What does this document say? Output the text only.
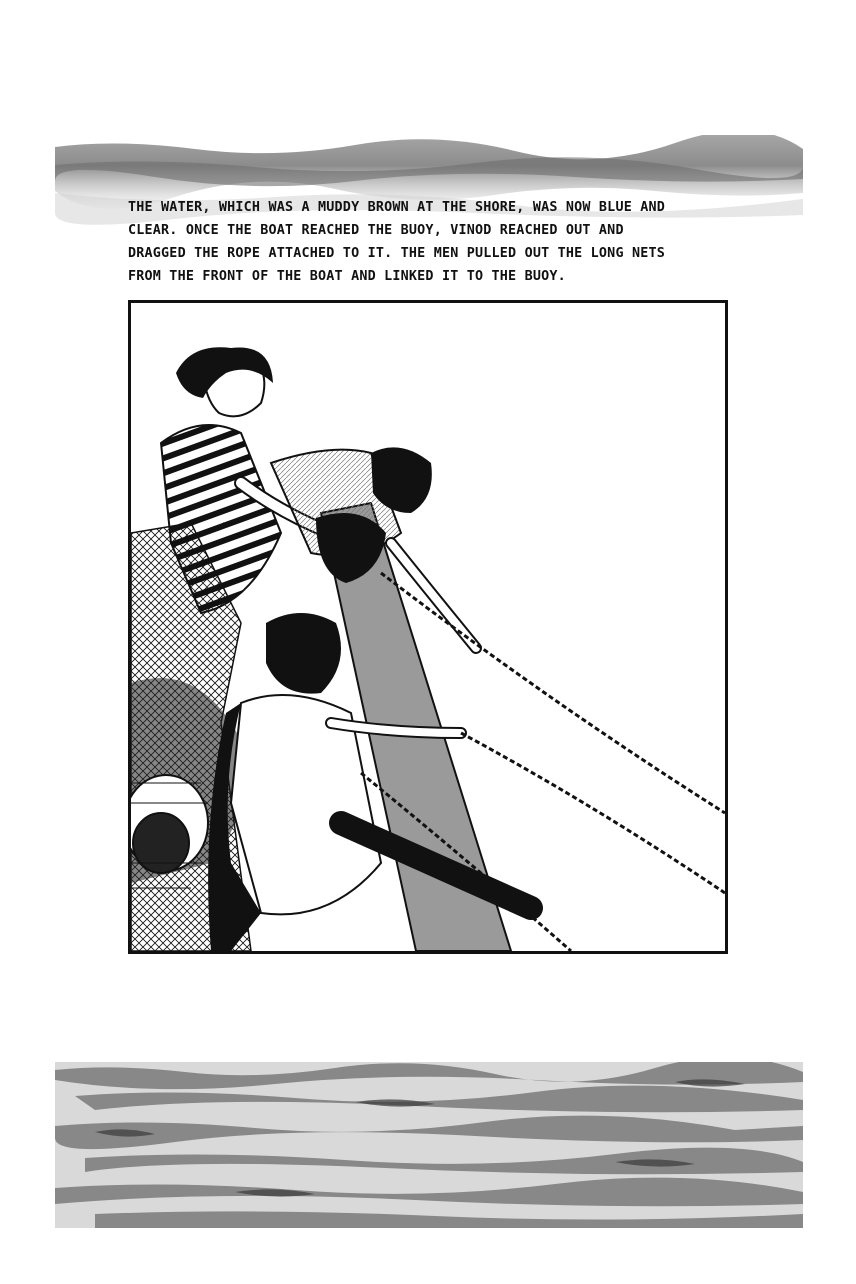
THE WATER, WHICH WAS A MUDDY BROWN AT THE SHORE, WAS NOW BLUE AND

CLEAR. ONCE THE BOAT REACHED THE BUOY, VINOD REACHED OUT AND

DRAGGED THE ROPE ATTACHED TO IT. THE MEN PULLED OUT THE LONG NETS

FROM THE FRONT OF THE BOAT AND LINKED IT TO THE BUOY.
